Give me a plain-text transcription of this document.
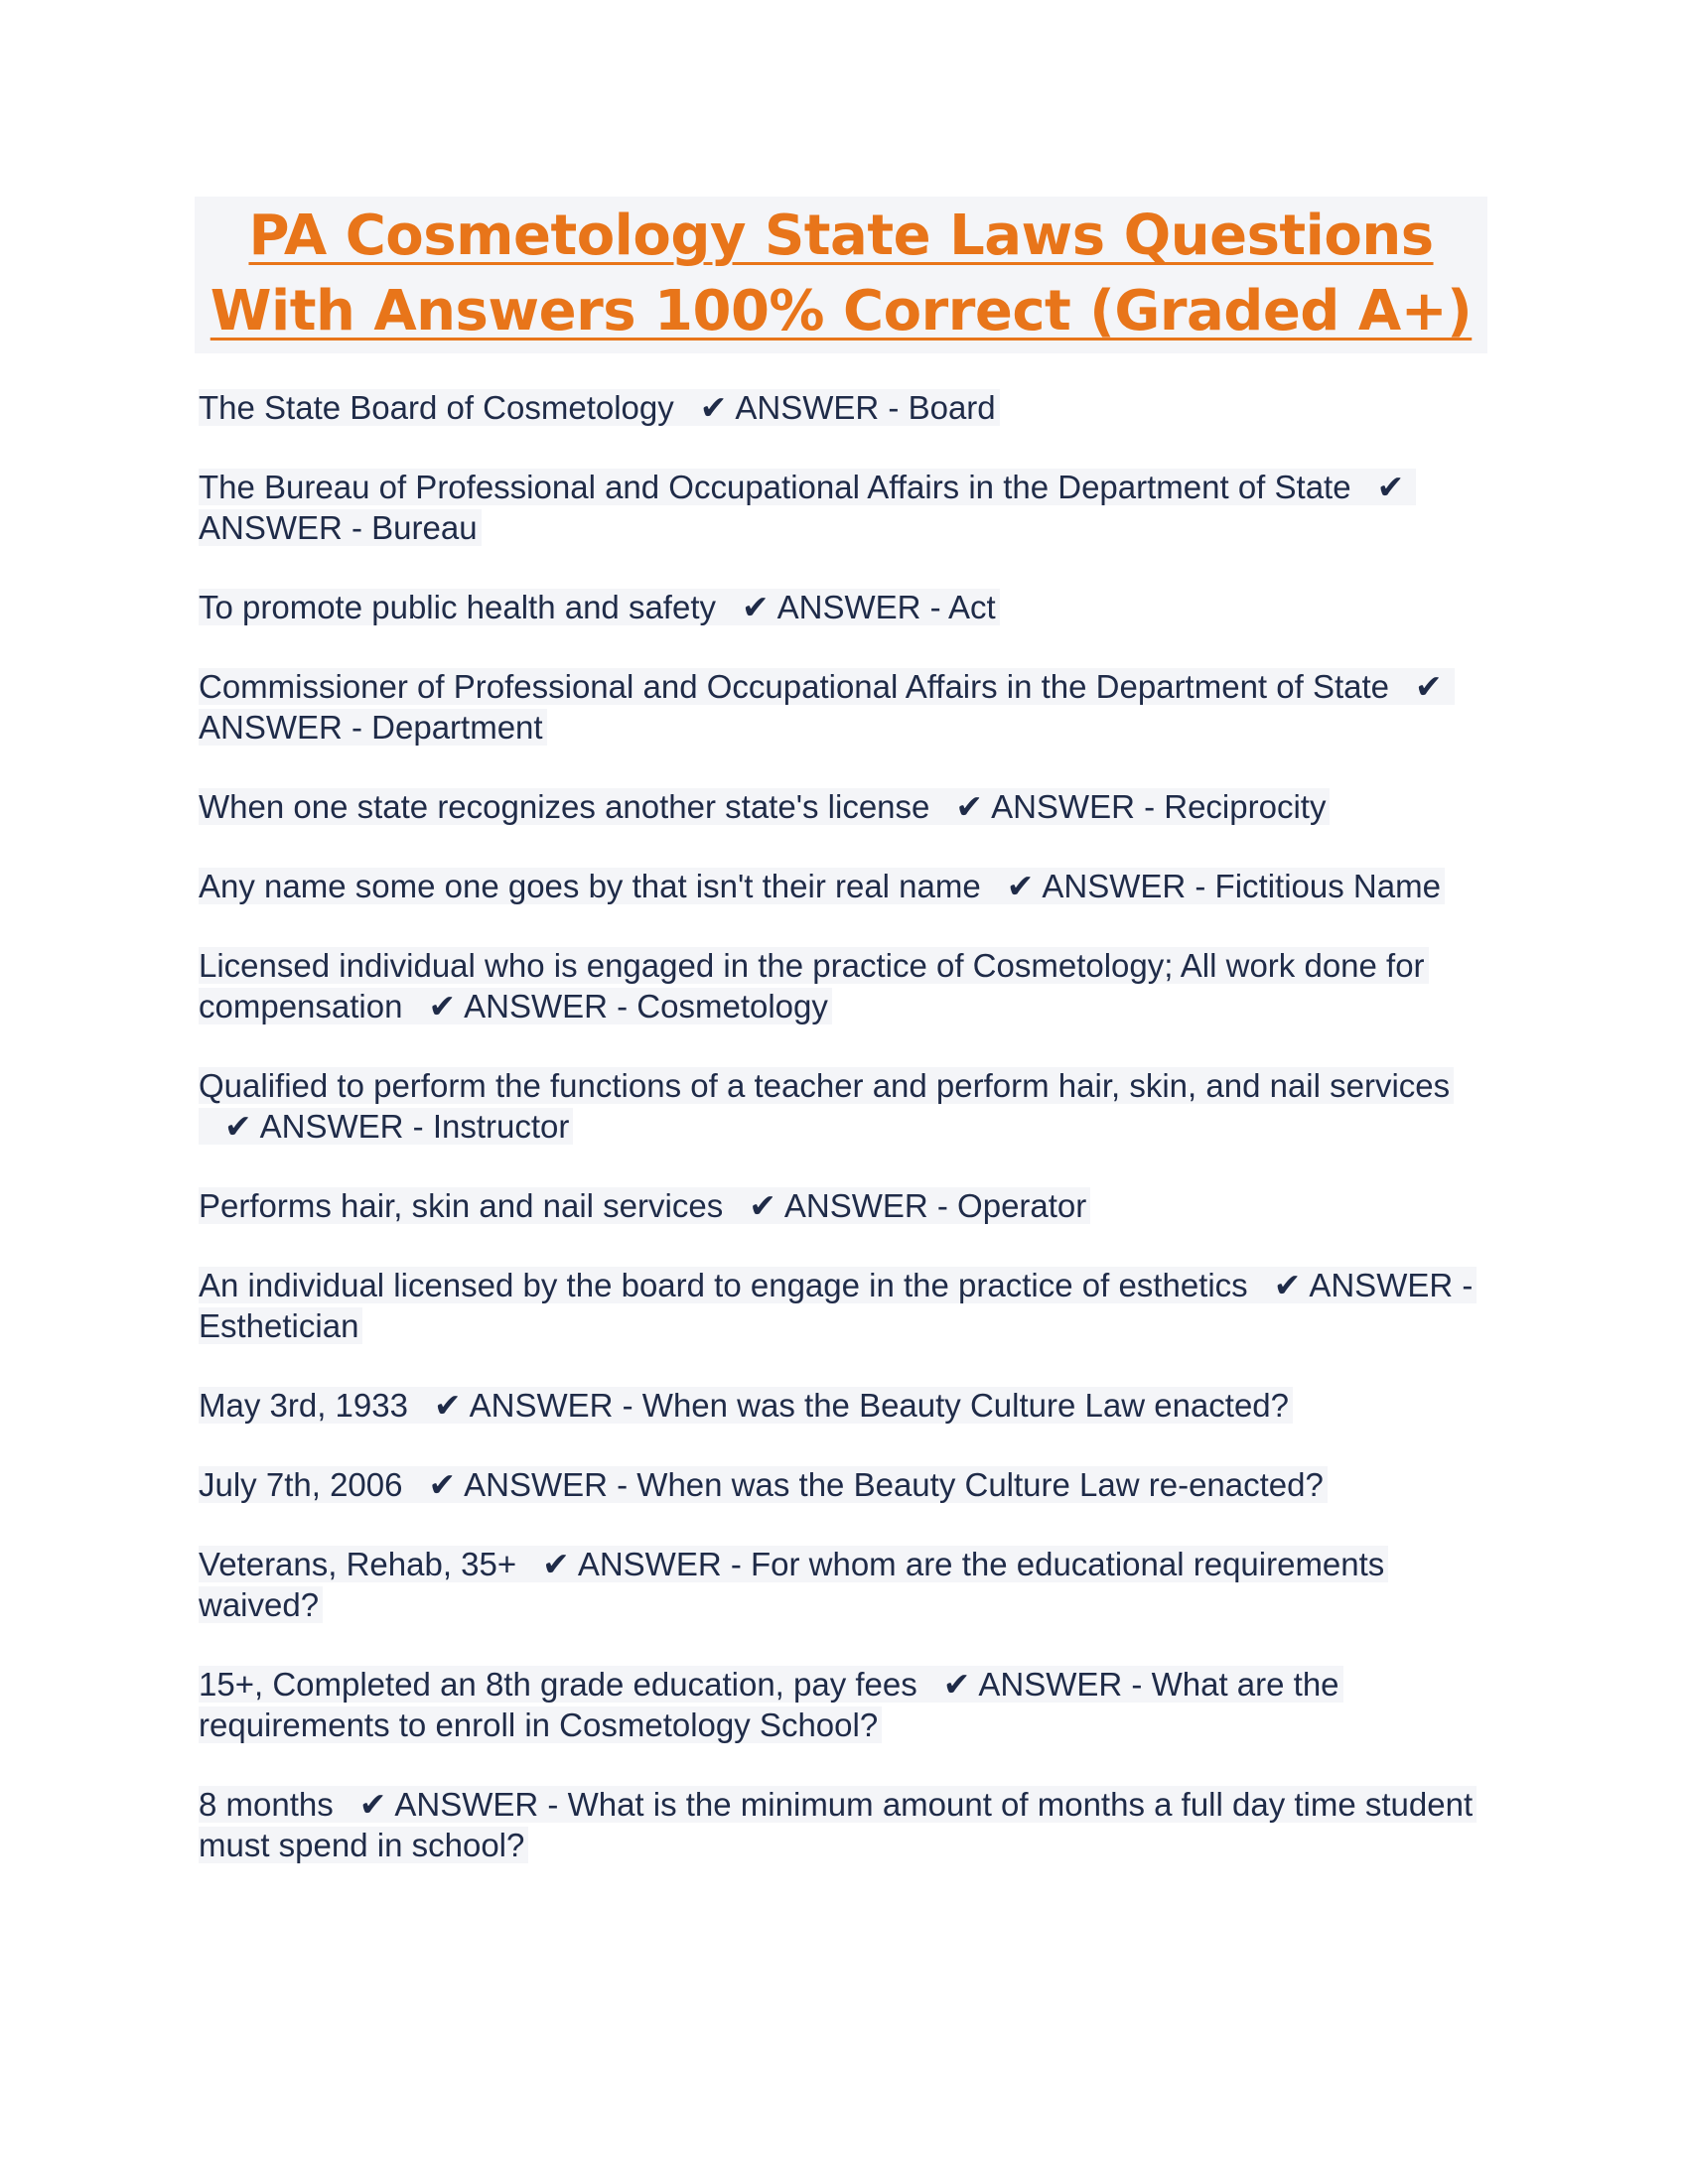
PA Cosmetology State Laws Questions
With Answers 100% Correct (Graded A+)

The State Board of Cosmetology ✔ ANSWER - Board

The Bureau of Professional and Occupational Affairs in the Department of State ✔ANSWER - Bureau

To promote public health and safety ✔ ANSWER - Act

Commissioner of Professional and Occupational Affairs in the Department of State ✔ANSWER - Department

When one state recognizes another state's license ✔ ANSWER - Reciprocity

Any name some one goes by that isn't their real name ✔ ANSWER - Fictitious Name

Licensed individual who is engaged in the practice of Cosmetology; All work done for compensation ✔ ANSWER - Cosmetology

Qualified to perform the functions of a teacher and perform hair, skin, and nail services✔ ANSWER - Instructor

Performs hair, skin and nail services ✔ ANSWER - Operator

An individual licensed by the board to engage in the practice of esthetics ✔ ANSWER - Esthetician

May 3rd, 1933 ✔ ANSWER - When was the Beauty Culture Law enacted?

July 7th, 2006 ✔ ANSWER - When was the Beauty Culture Law re-enacted?

Veterans, Rehab, 35+ ✔ ANSWER - For whom are the educational requirements waived?

15+, Completed an 8th grade education, pay fees ✔ ANSWER - What are the requirements to enroll in Cosmetology School?

8 months ✔ ANSWER - What is the minimum amount of months a full day time student must spend in school?
